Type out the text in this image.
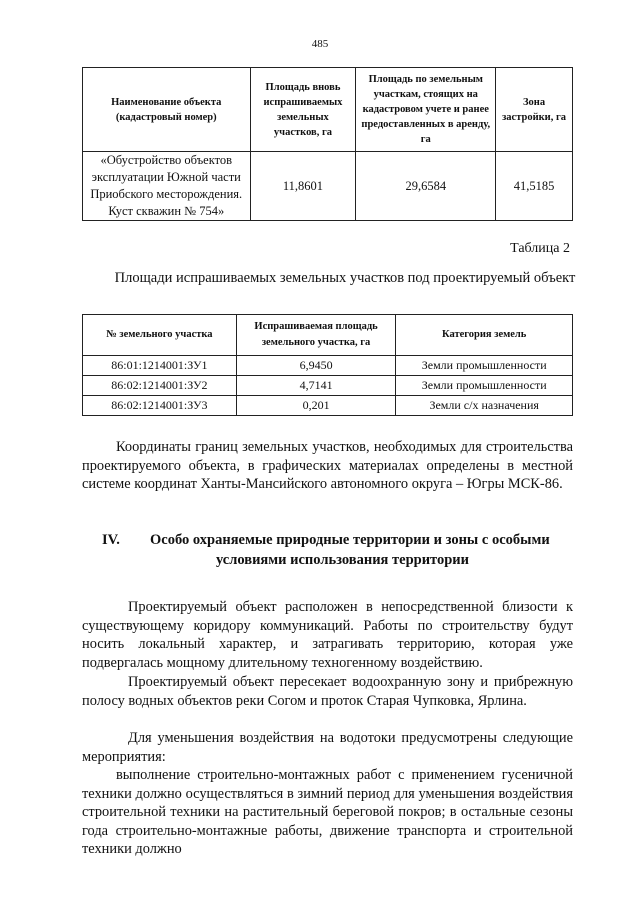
485
Наименование объекта (кадастровый номер)	Площадь вновь испрашиваемых земельных участков, га	Площадь по земельным участкам, стоящих на кадастровом учете и ранее предоставленных в аренду, га	Зона застройки, га
«Обустройство объектов эксплуатации Южной части Приобского месторождения. Куст скважин № 754»	11,8601	29,6584	41,5185
Таблица 2
Площади испрашиваемых земельных участков под проектируемый объект
№ земельного участка	Испрашиваемая площадь земельного участка, га	Категория земель
86:01:1214001:ЗУ1	6,9450	Земли промышленности
86:02:1214001:ЗУ2	4,7141	Земли промышленности
86:02:1214001:ЗУ3	0,201	Земли с/х назначения

Координаты границ земельных участков, необходимых для строительства проектируемого объекта, в графических материалах определены в местной системе координат Ханты-Мансийского автономного округа – Югры МСК-86.

IV. Особо охраняемые природные территории и зоны с особыми
условиями использования территории

Проектируемый объект расположен в непосредственной близости к существующему коридору коммуникаций. Работы по строительству будут носить локальный характер, и затрагивать территорию, которая уже подвергалась мощному длительному техногенному воздействию.

Проектируемый объект пересекает водоохранную зону и прибрежную полосу водных объектов реки Согом и проток Старая Чупковка, Ярлина.

Для уменьшения воздействия на водотоки предусмотрены следующие мероприятия:

выполнение строительно-монтажных работ с применением гусеничной техники должно осуществляться в зимний период для уменьшения воздействия строительной техники на растительный береговой покров; в остальные сезоны года строительно-монтажные работы, движение транспорта и строительной техники должно
